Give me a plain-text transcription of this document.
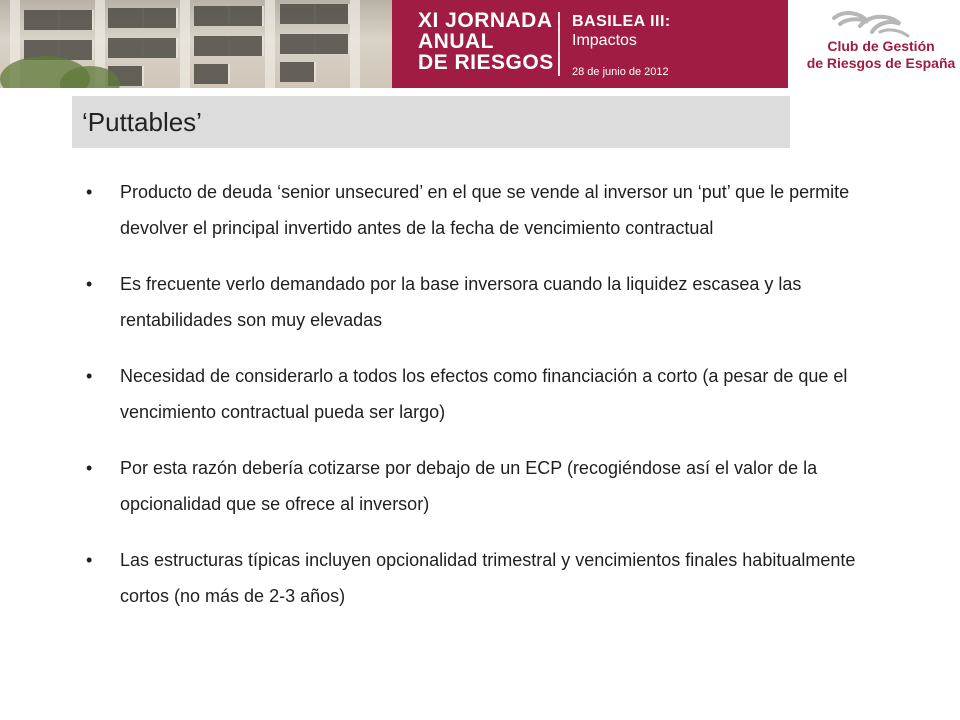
XI JORNADA
ANUAL
DE RIESGOS
BASILEA III:
Impactos
28 de junio de 2012
Club de Gestión
de Riesgos de España
‘Puttables’
• Producto de deuda ‘senior unsecured’ en el que se vende al inversor un ‘put’ que le permite devolver el principal invertido antes de la fecha de vencimiento contractual
• Es frecuente verlo demandado por la base inversora cuando la liquidez escasea y las rentabilidades son muy elevadas
• Necesidad de considerarlo a todos los efectos como financiación a corto (a pesar de que el vencimiento contractual pueda ser largo)
• Por esta razón debería cotizarse por debajo de un ECP (recogiéndose así el valor de la opcionalidad que se ofrece al inversor)
• Las estructuras típicas incluyen opcionalidad trimestral y vencimientos finales habitualmente cortos (no más de 2-3 años)
